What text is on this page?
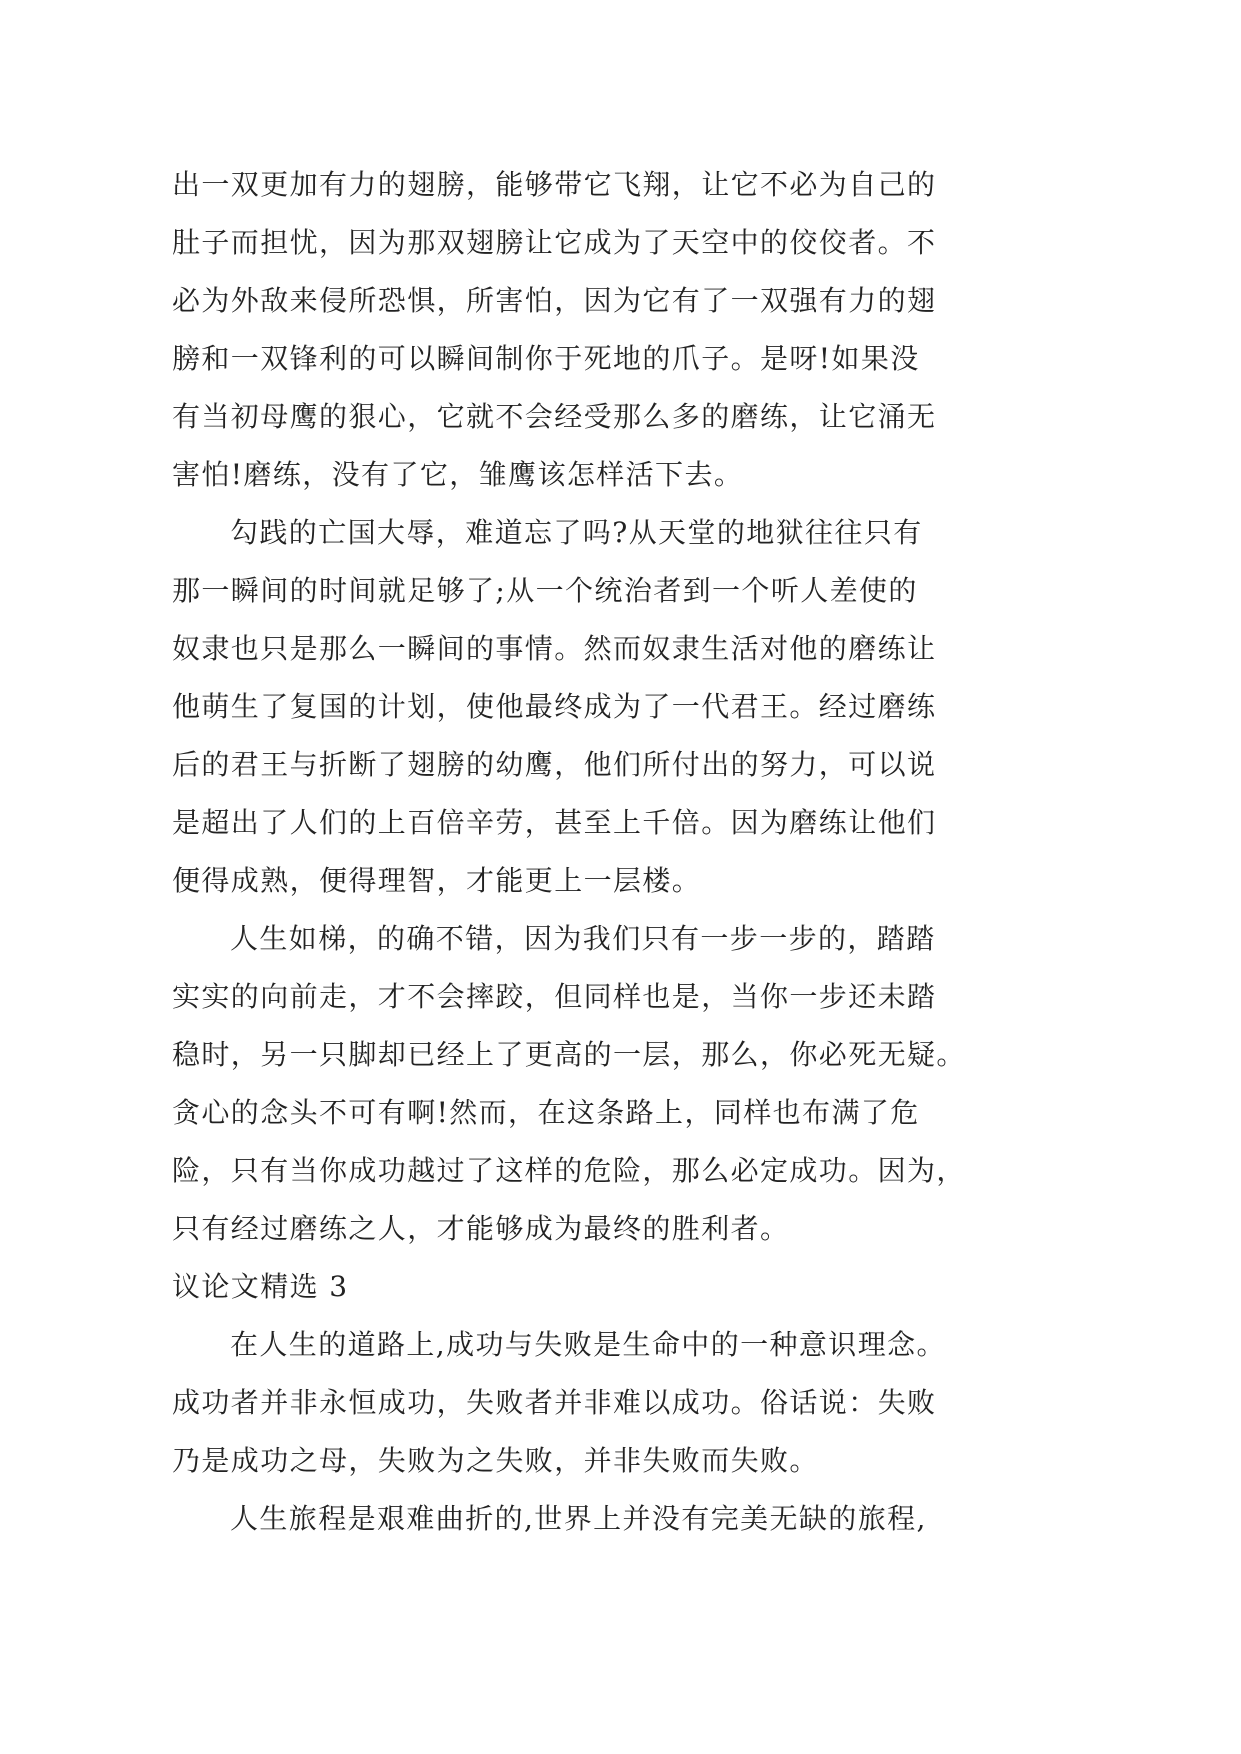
出一双更加有力的翅膀，能够带它飞翔，让它不必为自己的
肚子而担忧，因为那双翅膀让它成为了天空中的佼佼者。不
必为外敌来侵所恐惧，所害怕，因为它有了一双强有力的翅
膀和一双锋利的可以瞬间制你于死地的爪子。是呀!如果没
有当初母鹰的狠心，它就不会经受那么多的磨练，让它涌无
害怕!磨练，没有了它，雏鹰该怎样活下去。
勾践的亡国大辱，难道忘了吗?从天堂的地狱往往只有
那一瞬间的时间就足够了;从一个统治者到一个听人差使的
奴隶也只是那么一瞬间的事情。然而奴隶生活对他的磨练让
他萌生了复国的计划，使他最终成为了一代君王。经过磨练
后的君王与折断了翅膀的幼鹰，他们所付出的努力，可以说
是超出了人们的上百倍辛劳，甚至上千倍。因为磨练让他们
便得成熟，便得理智，才能更上一层楼。
人生如梯，的确不错，因为我们只有一步一步的，踏踏
实实的向前走，才不会摔跤，但同样也是，当你一步还未踏
稳时，另一只脚却已经上了更高的一层，那么，你必死无疑。
贪心的念头不可有啊!然而，在这条路上，同样也布满了危
险，只有当你成功越过了这样的危险，那么必定成功。因为，
只有经过磨练之人，才能够成为最终的胜利者。
议论文精选 3
在人生的道路上,成功与失败是生命中的一种意识理念。
成功者并非永恒成功，失败者并非难以成功。俗话说：失败
乃是成功之母，失败为之失败，并非失败而失败。
人生旅程是艰难曲折的,世界上并没有完美无缺的旅程,
